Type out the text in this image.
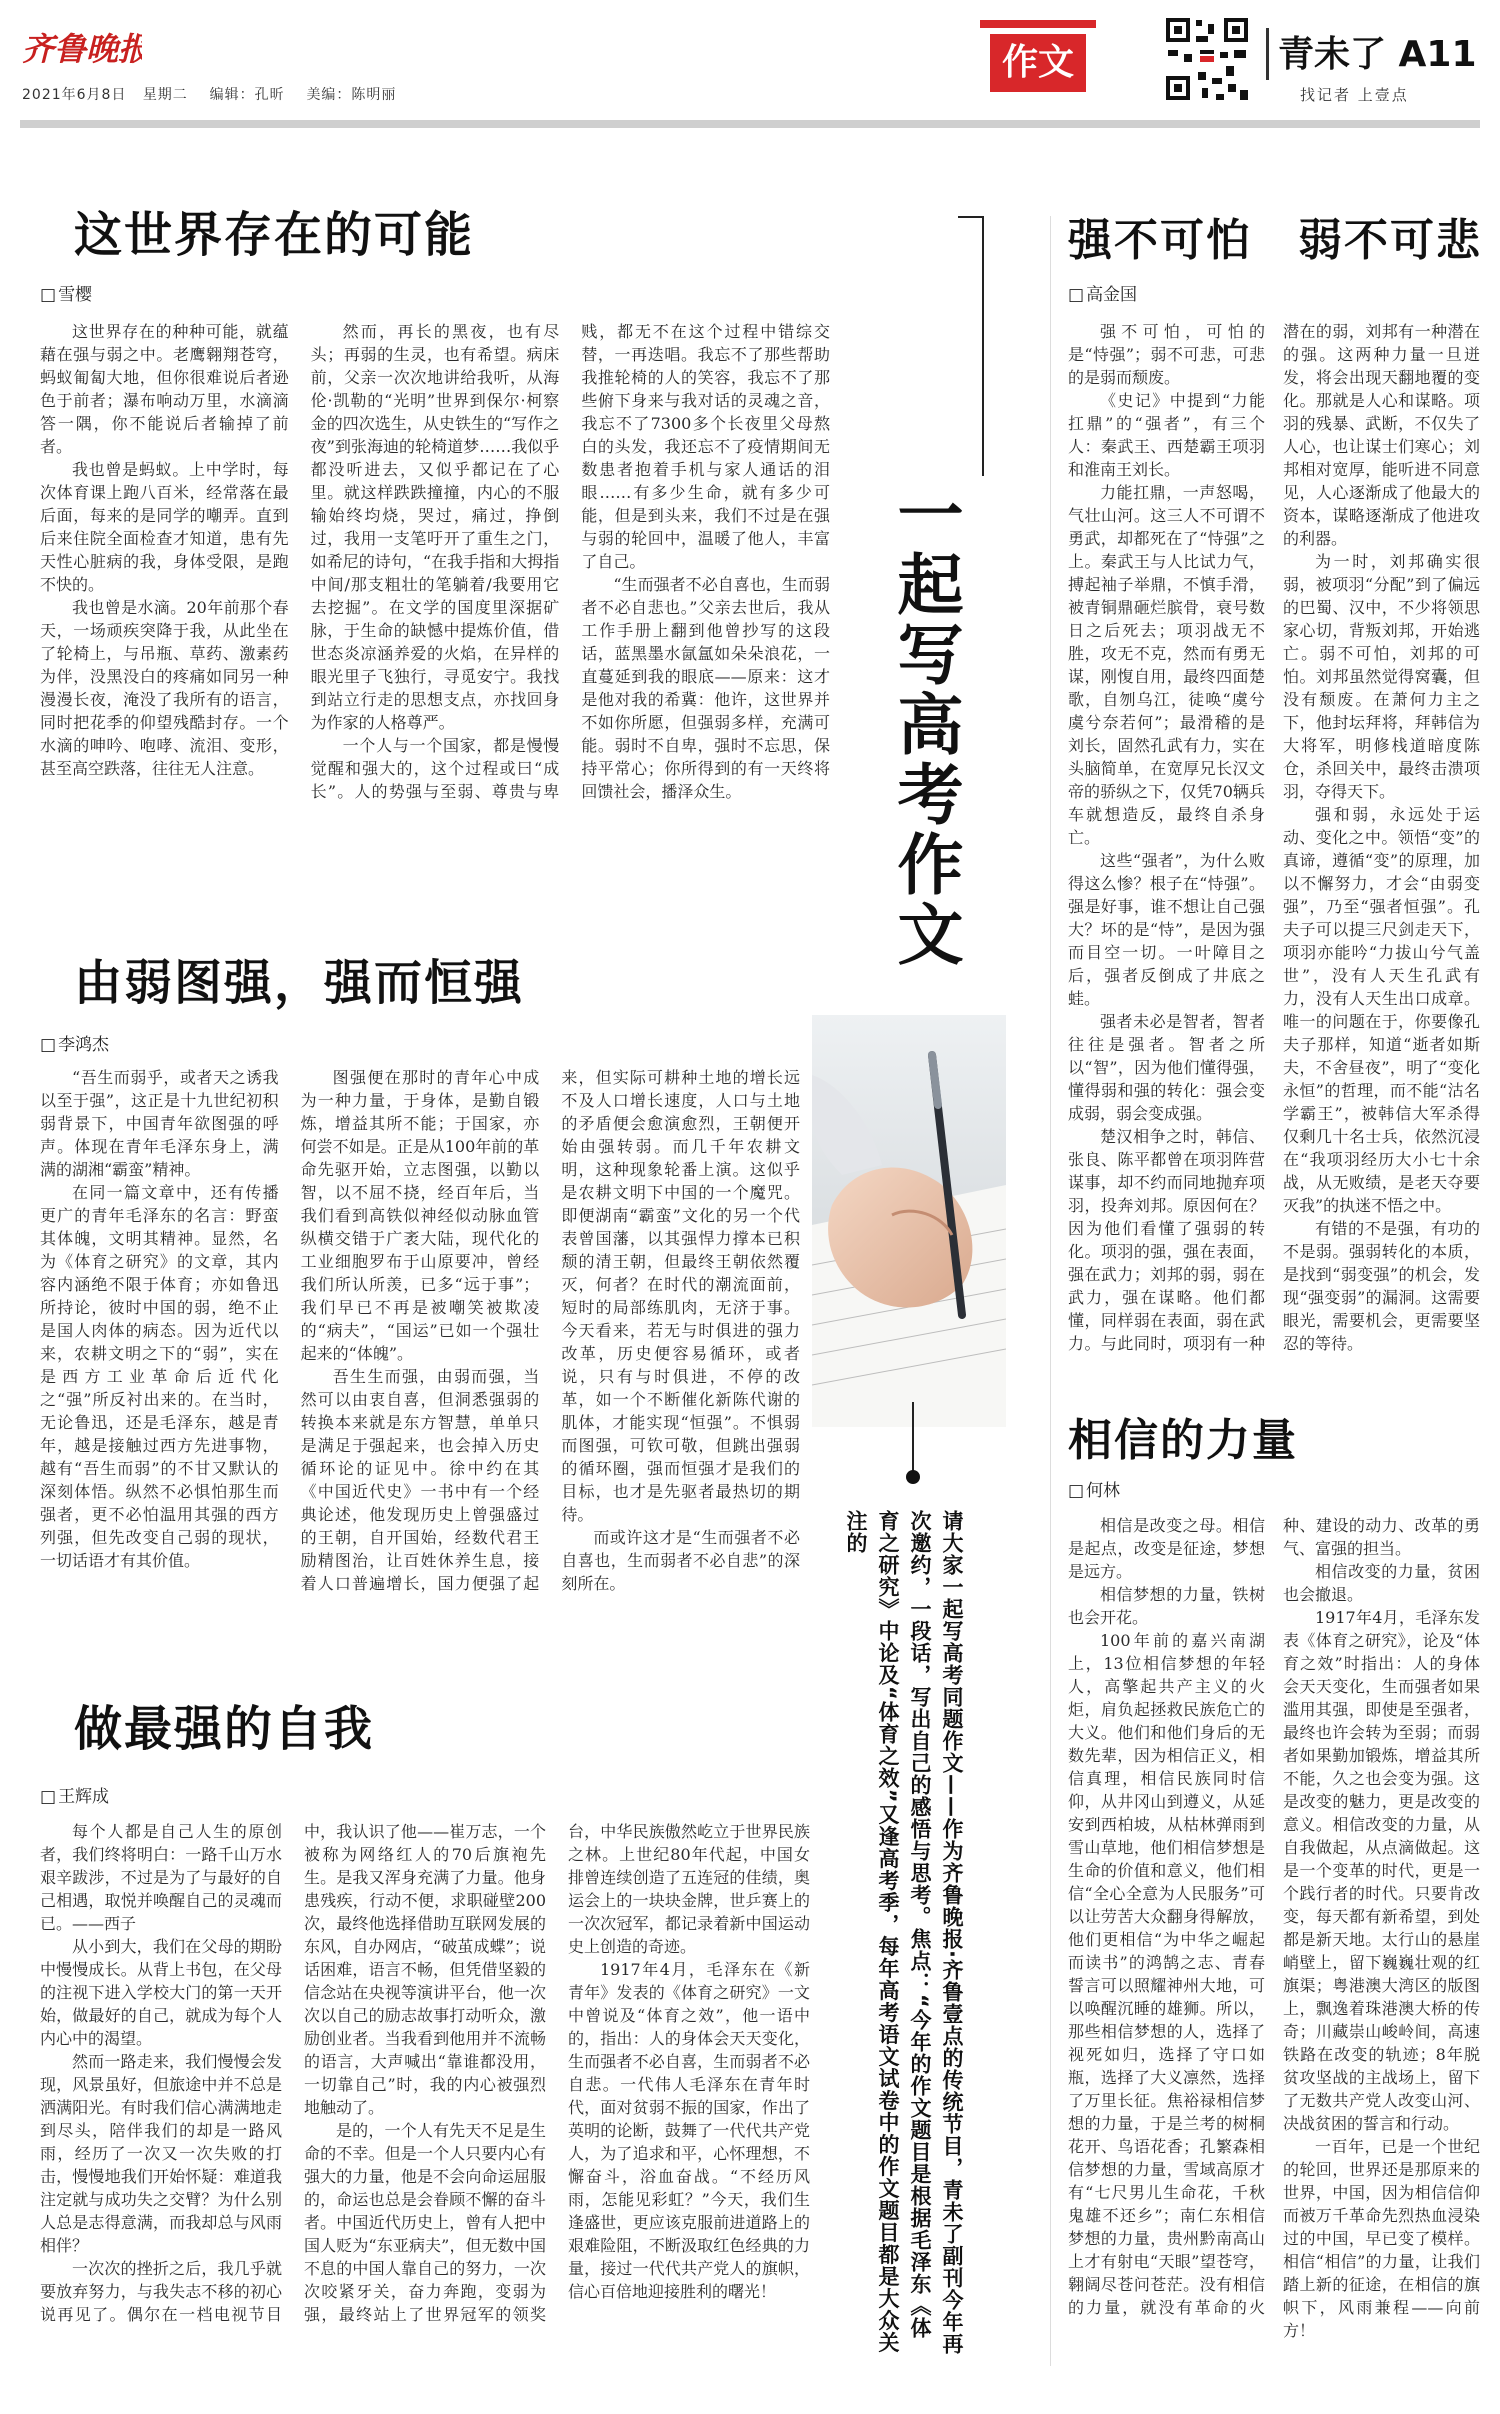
齐鲁晚报
2021年6月8日 星期二 编辑：孔昕 美编：陈明丽
作文	青未了 A11
找记者 上壹点
这世界存在的可能
□ 雪樱

这世界存在的种种可能，就蕴藉在强与弱之中。老鹰翱翔苍穹，蚂蚁匍匐大地，但你很难说后者逊色于前者；瀑布响动万里，水滴滴答一隅，你不能说后者输掉了前者。

我也曾是蚂蚁。上中学时，每次体育课上跑八百米，经常落在最后面，每来的是同学的嘲弄。直到后来住院全面检查才知道，患有先天性心脏病的我，身体受限，是跑不快的。

我也曾是水滴。20年前那个春天，一场顽疾突降于我，从此坐在了轮椅上，与吊瓶、草药、激素药为伴，没黑没白的疼痛如同另一种漫漫长夜，淹没了我所有的语言，同时把花季的仰望残酷封存。一个水滴的呻吟、咆哮、流泪、变形，甚至高空跌落，往往无人注意。

然而，再长的黑夜，也有尽头；再弱的生灵，也有希望。病床前，父亲一次次地讲给我听，从海伦·凯勒的“光明”世界到保尔·柯察金的四次选生，从史铁生的“写作之夜”到张海迪的轮椅道梦……我似乎都没听进去，又似乎都记在了心里。就这样跌跌撞撞，内心的不服输始终均烧，哭过，痛过，挣倒过，我用一支笔吁开了重生之门，如希尼的诗句，“在我手指和大拇指中间/那支粗壮的笔躺着/我要用它去挖掘”。在文学的国度里深据矿脉，于生命的缺憾中提炼价值，借世态炎凉涵养爱的火焰，在异样的眼光里子飞独行，寻觅安宁。我找到站立行走的思想支点，亦找回身为作家的人格尊严。

一个人与一个国家，都是慢慢觉醒和强大的，这个过程或曰“成长”。人的势强与至弱、尊贵与卑贱，都无不在这个过程中错综交替，一再迭唱。我忘不了那些帮助我推轮椅的人的笑容，我忘不了那些俯下身来与我对话的灵魂之音，我忘不了7300多个长夜里父母熬白的头发，我还忘不了疫情期间无数患者抱着手机与家人通话的泪眼……有多少生命，就有多少可能，但是到头来，我们不过是在强与弱的轮回中，温暖了他人，丰富了自己。

“生而强者不必自喜也，生而弱者不必自悲也。”父亲去世后，我从工作手册上翻到他曾抄写的这段话，蓝黑墨水氤氲如朵朵浪花，一直蔓延到我的眼底——原来：这才是他对我的希冀：他许，这世界并不如你所愿，但强弱多样，充满可能。弱时不自卑，强时不忘思，保持平常心；你所得到的有一天终将回馈社会，播泽众生。

由弱图强，强而恒强
□ 李鸿杰

“吾生而弱乎，或者天之诱我以至于强”，这正是十九世纪初积弱背景下，中国青年欲图强的呼声。体现在青年毛泽东身上，满满的湖湘“霸蛮”精神。

在同一篇文章中，还有传播更广的青年毛泽东的名言：野蛮其体魄，文明其精神。显然，名为《体育之研究》的文章，其内容内涵绝不限于体育；亦如鲁迅所持论，彼时中国的弱，绝不止是国人肉体的病态。因为近代以来，农耕文明之下的“弱”，实在是西方工业革命后近代化之“强”所反衬出来的。在当时，无论鲁迅，还是毛泽东，越是青年，越是接触过西方先进事物，越有“吾生而弱”的不甘又默认的深刻体悟。纵然不必惧怕那生而强者，更不必怕温用其强的西方列强，但先改变自己弱的现状，一切话语才有其价值。

图强便在那时的青年心中成为一种力量，于身体，是勤自锻炼，增益其所不能；于国家，亦何尝不如是。正是从100年前的革命先驱开始，立志图强，以勤以智，以不屈不挠，经百年后，当我们看到高铁似神经似动脉血管纵横交错于广袤大陆，现代化的工业细胞罗布于山原要冲，曾经我们所认所羡，已多“远于事”；我们早已不再是被嘲笑被欺凌的“病夫”，“国运”已如一个强壮起来的“体魄”。

吾生生而强，由弱而强，当然可以由衷自喜，但洞悉强弱的转换本来就是东方智慧，单单只是满足于强起来，也会掉入历史循环论的证见中。徐中约在其《中国近代史》一书中有一个经典论述，他发现历史上曾强盛过的王朝，自开国始，经数代君王励精图治，让百姓休养生息，接着人口普遍增长，国力便强了起来，但实际可耕种土地的增长远不及人口增长速度，人口与土地的矛盾便会愈演愈烈，王朝便开始由强转弱。而几千年农耕文明，这种现象轮番上演。这似乎是农耕文明下中国的一个魔咒。即便湖南“霸蛮”文化的另一个代表曾国藩，以其强悍力撑本已积颓的清王朝，但最终王朝依然覆灭，何者？在时代的潮流面前，短时的局部练肌肉，无济于事。今天看来，若无与时俱进的强力改革，历史便容易循环，或者说，只有与时俱进，不停的改革，如一个不断催化新陈代谢的肌体，才能实现“恒强”。不惧弱而图强，可钦可敬，但跳出强弱的循环圈，强而恒强才是我们的目标，也才是先驱者最热切的期待。

而或许这才是“生而强者不必自喜也，生而弱者不必自悲”的深刻所在。

做最强的自我
□ 王辉成

每个人都是自己人生的原创者，我们终将明白：一路千山万水艰辛跋涉，不过是为了与最好的自己相遇，取悦并唤醒自己的灵魂而已。——西子

从小到大，我们在父母的期盼中慢慢成长。从背上书包，在父母的注视下进入学校大门的第一天开始，做最好的自己，就成为每个人内心中的渴望。

然而一路走来，我们慢慢会发现，风景虽好，但旅途中并不总是洒满阳光。有时我们信心满满地走到尽头，陪伴我们的却是一路风雨，经历了一次又一次失败的打击，慢慢地我们开始怀疑：难道我注定就与成功失之交臂？为什么别人总是志得意满，而我却总与风雨相伴？

一次次的挫折之后，我几乎就要放弃努力，与我失志不移的初心说再见了。偶尔在一档电视节目中，我认识了他——崔万志，一个被称为网络红人的70后旗袍先生。是我又浑身充满了力量。他身患残疾，行动不便，求职碰壁200次，最终他选择借助互联网发展的东风，自办网店，“破茧成蝶”；说话困难，语言不畅，但凭借坚毅的信念站在央视等演讲平台，他一次次以自己的励志故事打动听众，激励创业者。当我看到他用并不流畅的语言，大声喊出“靠谁都没用，一切靠自己”时，我的内心被强烈地触动了。

是的，一个人有先天不足是生命的不幸。但是一个人只要内心有强大的力量，他是不会向命运屈服的，命运也总是会眷顾不懈的奋斗者。中国近代历史上，曾有人把中国人贬为“东亚病夫”，但无数中国不息的中国人靠自己的努力，一次次咬紧牙关，奋力奔跑，变弱为强，最终站上了世界冠军的领奖台，中华民族傲然屹立于世界民族之林。上世纪80年代起，中国女排曾连续创造了五连冠的佳绩，奥运会上的一块块金牌，世乒赛上的一次次冠军，都记录着新中国运动史上创造的奇迹。

1917年4月，毛泽东在《新青年》发表的《体育之研究》一文中曾说及“体育之效”，他一语中的，指出：人的身体会天天变化，生而强者不必自喜，生而弱者不必自悲。一代伟人毛泽东在青年时代，面对贫弱不振的国家，作出了英明的论断，鼓舞了一代代共产党人，为了追求和平，心怀理想，不懈奋斗，浴血奋战。“不经历风雨，怎能见彩虹？”今天，我们生逢盛世，更应该克服前进道路上的艰难险阻，不断汲取红色经典的力量，接过一代代共产党人的旗帜，信心百倍地迎接胜利的曙光！

一起写高考作文
请大家一起写高考同题作文——作为齐鲁晚报·齐鲁壹点的传统节目，青未了副刊今年再次邀约，一段话，写出自己的感悟与思考。焦点：“今年的作文题目是根据毛泽东《体育之研究》中论及“体育之效”又逢高考季，每年高考语文试卷中的作文题目都是大众关注的
强不可怕　弱不可悲
□ 高金国

强不可怕，可怕的是“恃强”；弱不可悲，可悲的是弱而颓废。

《史记》中提到“力能扛鼎”的“强者”，有三个人：秦武王、西楚霸王项羽和淮南王刘长。

力能扛鼎，一声怒喝，气壮山河。这三人不可谓不勇武，却都死在了“恃强”之上。秦武王与人比试力气，搏起袖子举鼎，不慎手滑，被青铜鼎砸烂膑骨，衰号数日之后死去；项羽战无不胜，攻无不克，然而有勇无谋，刚愎自用，最终四面楚歌，自刎乌江，徒唤“虞兮虞兮奈若何”；最滑稽的是刘长，固然孔武有力，实在头脑简单，在宽厚兄长汉文帝的骄纵之下，仅凭70辆兵车就想造反，最终自杀身亡。

这些“强者”，为什么败得这么惨？根子在“恃强”。强是好事，谁不想让自己强大？坏的是“恃”，是因为强而目空一切。一叶障目之后，强者反倒成了井底之蛙。

强者未必是智者，智者往往是强者。智者之所以“智”，因为他们懂得强，懂得弱和强的转化：强会变成弱，弱会变成强。

楚汉相争之时，韩信、张良、陈平都曾在项羽阵营谋事，却不约而同地抛弃项羽，投奔刘邦。原因何在？因为他们看懂了强弱的转化。项羽的强，强在表面，强在武力；刘邦的弱，弱在武力，强在谋略。他们都懂，同样弱在表面，弱在武力。与此同时，项羽有一种潜在的弱，刘邦有一种潜在的强。这两种力量一旦迸发，将会出现天翻地覆的变化。那就是人心和谋略。项羽的残暴、武断，不仅失了人心，也让谋士们寒心；刘邦相对宽厚，能听进不同意见，人心逐渐成了他最大的资本，谋略逐渐成了他进攻的利器。

为一时，刘邦确实很弱，被项羽“分配”到了偏远的巴蜀、汉中，不少将领思家心切，背叛刘邦，开始逃亡。弱不可怕，刘邦的可怕。刘邦虽然觉得窝囊，但没有颓废。在萧何力主之下，他封坛拜将，拜韩信为大将军，明修栈道暗度陈仓，杀回关中，最终击溃项羽，夺得天下。

强和弱，永远处于运动、变化之中。领悟“变”的真谛，遵循“变”的原理，加以不懈努力，才会“由弱变强”，乃至“强者恒强”。孔夫子可以提三尺剑走天下，项羽亦能吟“力拔山兮气盖世”，没有人天生孔武有力，没有人天生出口成章。唯一的问题在于，你要像孔夫子那样，知道“逝者如斯夫，不舍昼夜”，明了“变化永恒”的哲理，而不能“沽名学霸王”，被韩信大军杀得仅剩几十名士兵，依然沉浸在“我项羽经历大小七十余战，从无败绩，是老天夺要灭我”的执迷不悟之中。

有错的不是强，有功的不是弱。强弱转化的本质，是找到“弱变强”的机会，发现“强变弱”的漏洞。这需要眼光，需要机会，更需要坚忍的等待。

相信的力量
□ 何林

相信是改变之母。相信是起点，改变是征途，梦想是远方。

相信梦想的力量，铁树也会开花。

100年前的嘉兴南湖上，13位相信梦想的年轻人，高擎起共产主义的火炬，肩负起拯救民族危亡的大义。他们和他们身后的无数先辈，因为相信正义，相信真理，相信民族同时信仰，从井冈山到遵义，从延安到西柏坡，从枯林弹雨到雪山草地，他们相信梦想是生命的价值和意义，他们相信“全心全意为人民服务”可以让劳苦大众翻身得解放，他们更相信“为中华之崛起而读书”的鸿鹄之志、青春誓言可以照耀神州大地，可以唤醒沉睡的雄狮。所以，那些相信梦想的人，选择了视死如归，选择了守口如瓶，选择了大义凛然，选择了万里长征。焦裕禄相信梦想的力量，于是兰考的树桐花开、鸟语花香；孔繁森相信梦想的力量，雪域高原才有“七尺男儿生命花，千秋鬼雄不还乡”；南仁东相信梦想的力量，贵州黔南高山上才有射电“天眼”望苍穹，翱阔尽苍问苍茫。没有相信的力量，就没有革命的火种、建设的动力、改革的勇气、富强的担当。

相信改变的力量，贫困也会撤退。

1917年4月，毛泽东发表《体育之研究》，论及“体育之效”时指出：人的身体会天天变化，生而强者如果滥用其强，即使是至强者，最终也许会转为至弱；而弱者如果勤加锻炼，增益其所不能，久之也会变为强。这是改变的魅力，更是改变的意义。相信改变的力量，从自我做起，从点滴做起。这是一个变革的时代，更是一个践行者的时代。只要肯改变，每天都有新希望，到处都是新天地。太行山的悬崖峭壁上，留下巍巍壮观的红旗渠；粤港澳大湾区的版图上，飘逸着珠港澳大桥的传奇；川藏崇山峻岭间，高速铁路在改变的轨迹；8年脱贫攻坚战的主战场上，留下了无数共产党人改变山河、决战贫困的誓言和行动。

一百年，已是一个世纪的轮回，世界还是那原来的世界，中国，因为相信信仰而被万千革命先烈热血浸染过的中国，早已变了模样。相信“相信”的力量，让我们踏上新的征途，在相信的旗帜下，风雨兼程——向前方！
